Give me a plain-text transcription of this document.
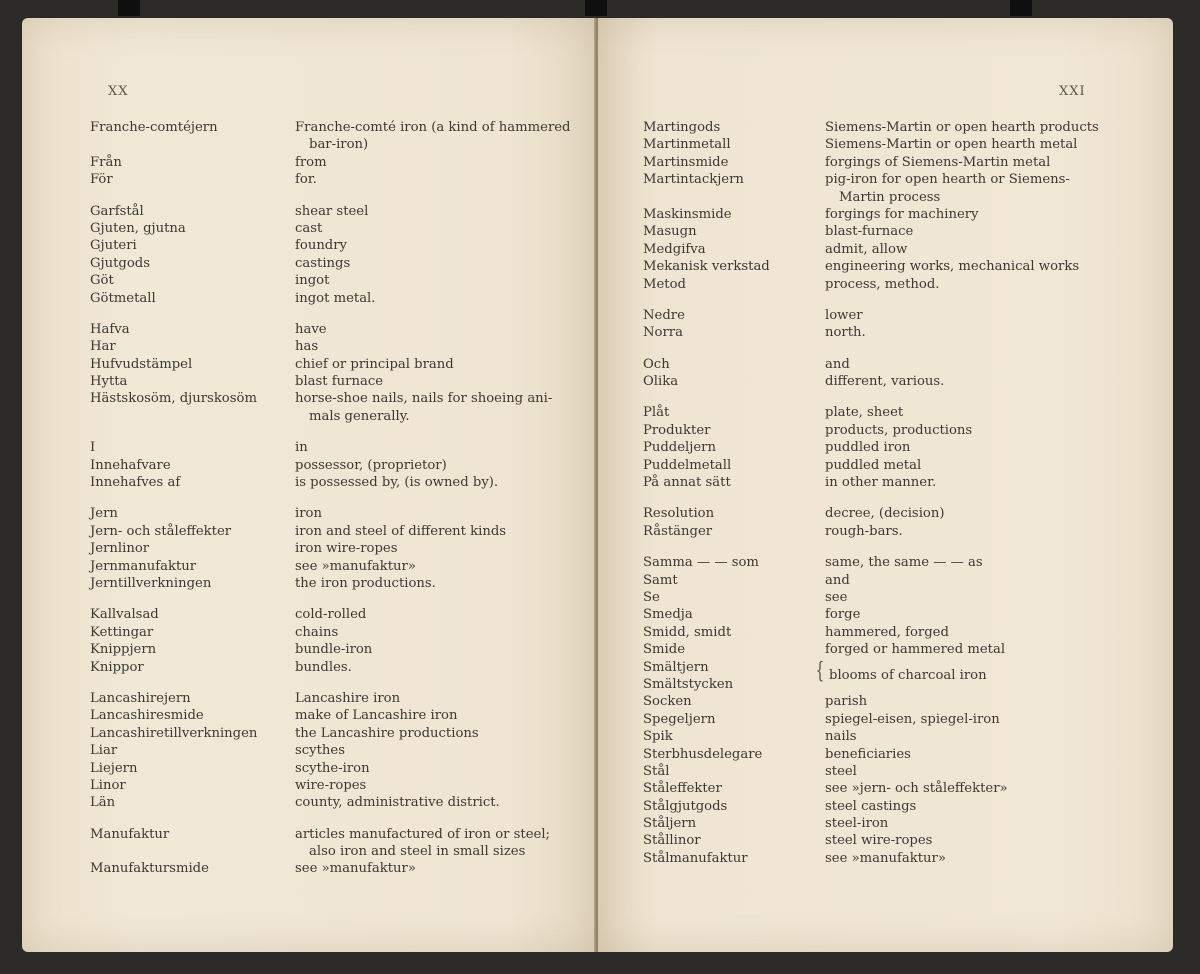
XX
Franche-comtéjern	Franche-comté iron (a kind of hammered
bar-iron)
Från	from
För	for.
Garfstål	shear steel
Gjuten, gjutna	cast
Gjuteri	foundry
Gjutgods	castings
Göt	ingot
Götmetall	ingot metal.
Hafva	have
Har	has
Hufvudstämpel	chief or principal brand
Hytta	blast furnace
Hästskosöm, djurskosöm	horse-shoe nails, nails for shoeing ani-
mals generally.
I	in
Innehafvare	possessor, (proprietor)
Innehafves af	is possessed by, (is owned by).
Jern	iron
Jern- och ståleffekter	iron and steel of different kinds
Jernlinor	iron wire-ropes
Jernmanufaktur	see »manufaktur»
Jerntillverkningen	the iron productions.
Kallvalsad	cold-rolled
Kettingar	chains
Knippjern	bundle-iron
Knippor	bundles.
Lancashirejern	Lancashire iron
Lancashiresmide	make of Lancashire iron
Lancashiretillverkningen	the Lancashire productions
Liar	scythes
Liejern	scythe-iron
Linor	wire-ropes
Län	county, administrative district.
Manufaktur	articles manufactured of iron or steel;
also iron and steel in small sizes
Manufaktursmide	see »manufaktur»
XXI
Martingods	Siemens-Martin or open hearth products
Martinmetall	Siemens-Martin or open hearth metal
Martinsmide	forgings of Siemens-Martin metal
Martintackjern	pig-iron for open hearth or Siemens-
Martin process
Maskinsmide	forgings for machinery
Masugn	blast-furnace
Medgifva	admit, allow
Mekanisk verkstad	engineering works, mechanical works
Metod	process, method.
Nedre	lower
Norra	north.
Och	and
Olika	different, various.
Plåt	plate, sheet
Produkter	products, productions
Puddeljern	puddled iron
Puddelmetall	puddled metal
På annat sätt	in other manner.
Resolution	decree, (decision)
Råstänger	rough-bars.
Samma — — som	same, the same — — as
Samt	and
Se	see
Smedja	forge
Smidd, smidt	hammered, forged
Smide	forged or hammered metal
Smältjern	{ blooms of charcoal iron
Smältstycken
Socken	parish
Spegeljern	spiegel-eisen, spiegel-iron
Spik	nails
Sterbhusdelegare	beneficiaries
Stål	steel
Ståleffekter	see »jern- och ståleffekter»
Stålgjutgods	steel castings
Ståljern	steel-iron
Stållinor	steel wire-ropes
Stålmanufaktur	see »manufaktur»
